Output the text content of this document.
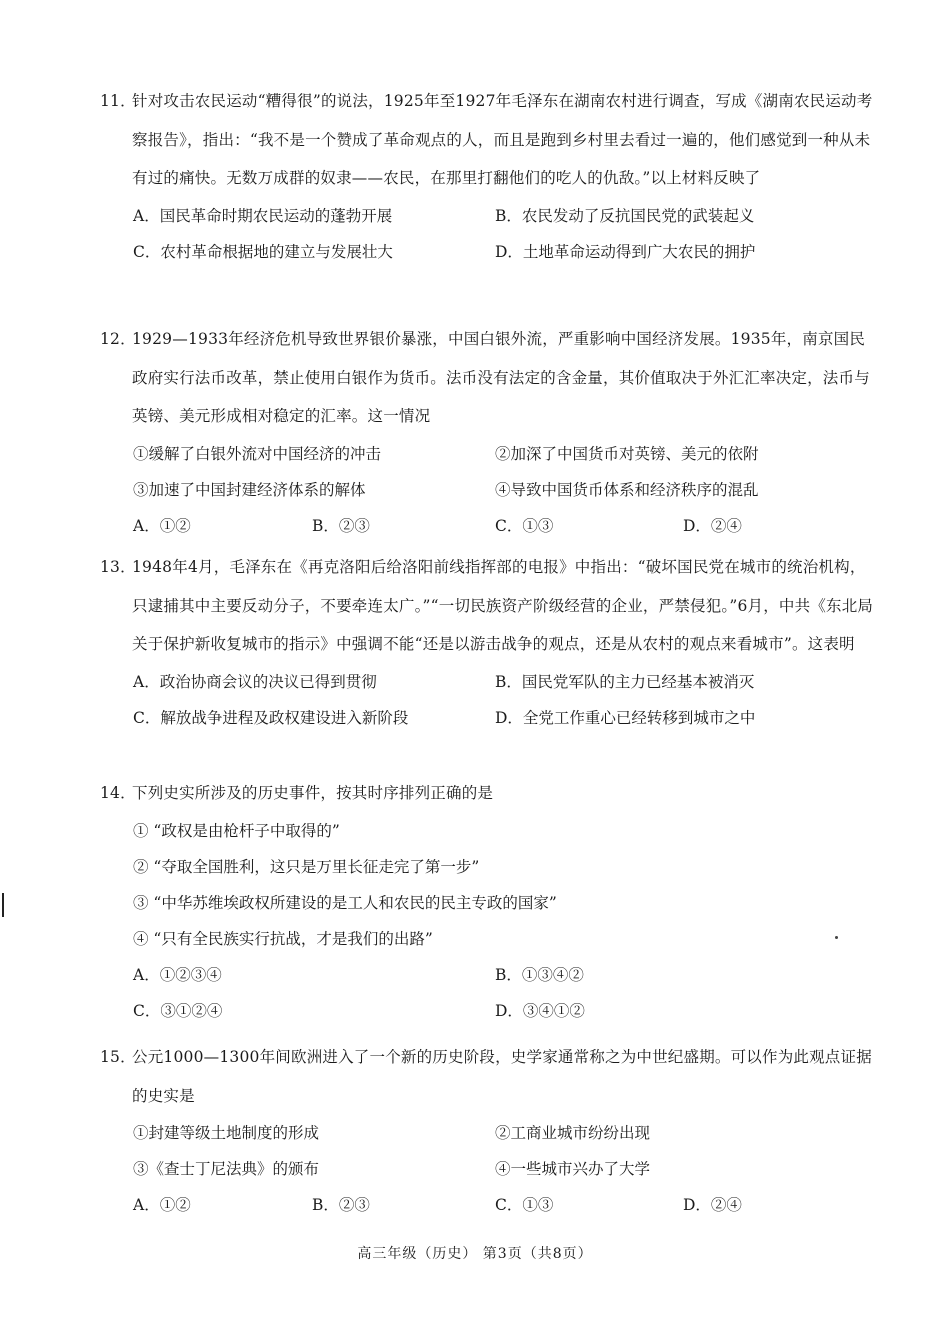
11．针对攻击农民运动“糟得很”的说法，1925年至1927年毛泽东在湖南农村进行调查，写成《湖南农民运动考察报告》，指出：“我不是一个赞成了革命观点的人，而且是跑到乡村里去看过一遍的，他们感觉到一种从未有过的痛快。无数万成群的奴隶——农民，在那里打翻他们的吃人的仇敌。”以上材料反映了
A．国民革命时期农民运动的蓬勃开展	B．农民发动了反抗国民党的武装起义
C．农村革命根据地的建立与发展壮大	D．土地革命运动得到广大农民的拥护
12．1929—1933年经济危机导致世界银价暴涨，中国白银外流，严重影响中国经济发展。1935年，南京国民政府实行法币改革，禁止使用白银作为货币。法币没有法定的含金量，其价值取决于外汇汇率决定，法币与英镑、美元形成相对稳定的汇率。这一情况
①缓解了白银外流对中国经济的冲击	②加深了中国货币对英镑、美元的依附
③加速了中国封建经济体系的解体	④导致中国货币体系和经济秩序的混乱
A．①②	B．②③	C．①③	D．②④
13．1948年4月，毛泽东在《再克洛阳后给洛阳前线指挥部的电报》中指出：“破坏国民党在城市的统治机构，只逮捕其中主要反动分子，不要牵连太广。”“一切民族资产阶级经营的企业，严禁侵犯。”6月，中共《东北局关于保护新收复城市的指示》中强调不能“还是以游击战争的观点，还是从农村的观点来看城市”。这表明
A．政治协商会议的决议已得到贯彻	B．国民党军队的主力已经基本被消灭
C．解放战争进程及政权建设进入新阶段	D．全党工作重心已经转移到城市之中
14．下列史实所涉及的历史事件，按其时序排列正确的是
① “政权是由枪杆子中取得的”
② “夺取全国胜利，这只是万里长征走完了第一步”
③ “中华苏维埃政权所建设的是工人和农民的民主专政的国家”
④ “只有全民族实行抗战，才是我们的出路”
A．①②③④	B．①③④②
C．③①②④	D．③④①②
15．公元1000—1300年间欧洲进入了一个新的历史阶段，史学家通常称之为中世纪盛期。可以作为此观点证据的史实是
①封建等级土地制度的形成	②工商业城市纷纷出现
③《查士丁尼法典》的颁布	④一些城市兴办了大学
A．①②	B．②③	C．①③	D．②④
高三年级（历史） 第3页（共8页）
